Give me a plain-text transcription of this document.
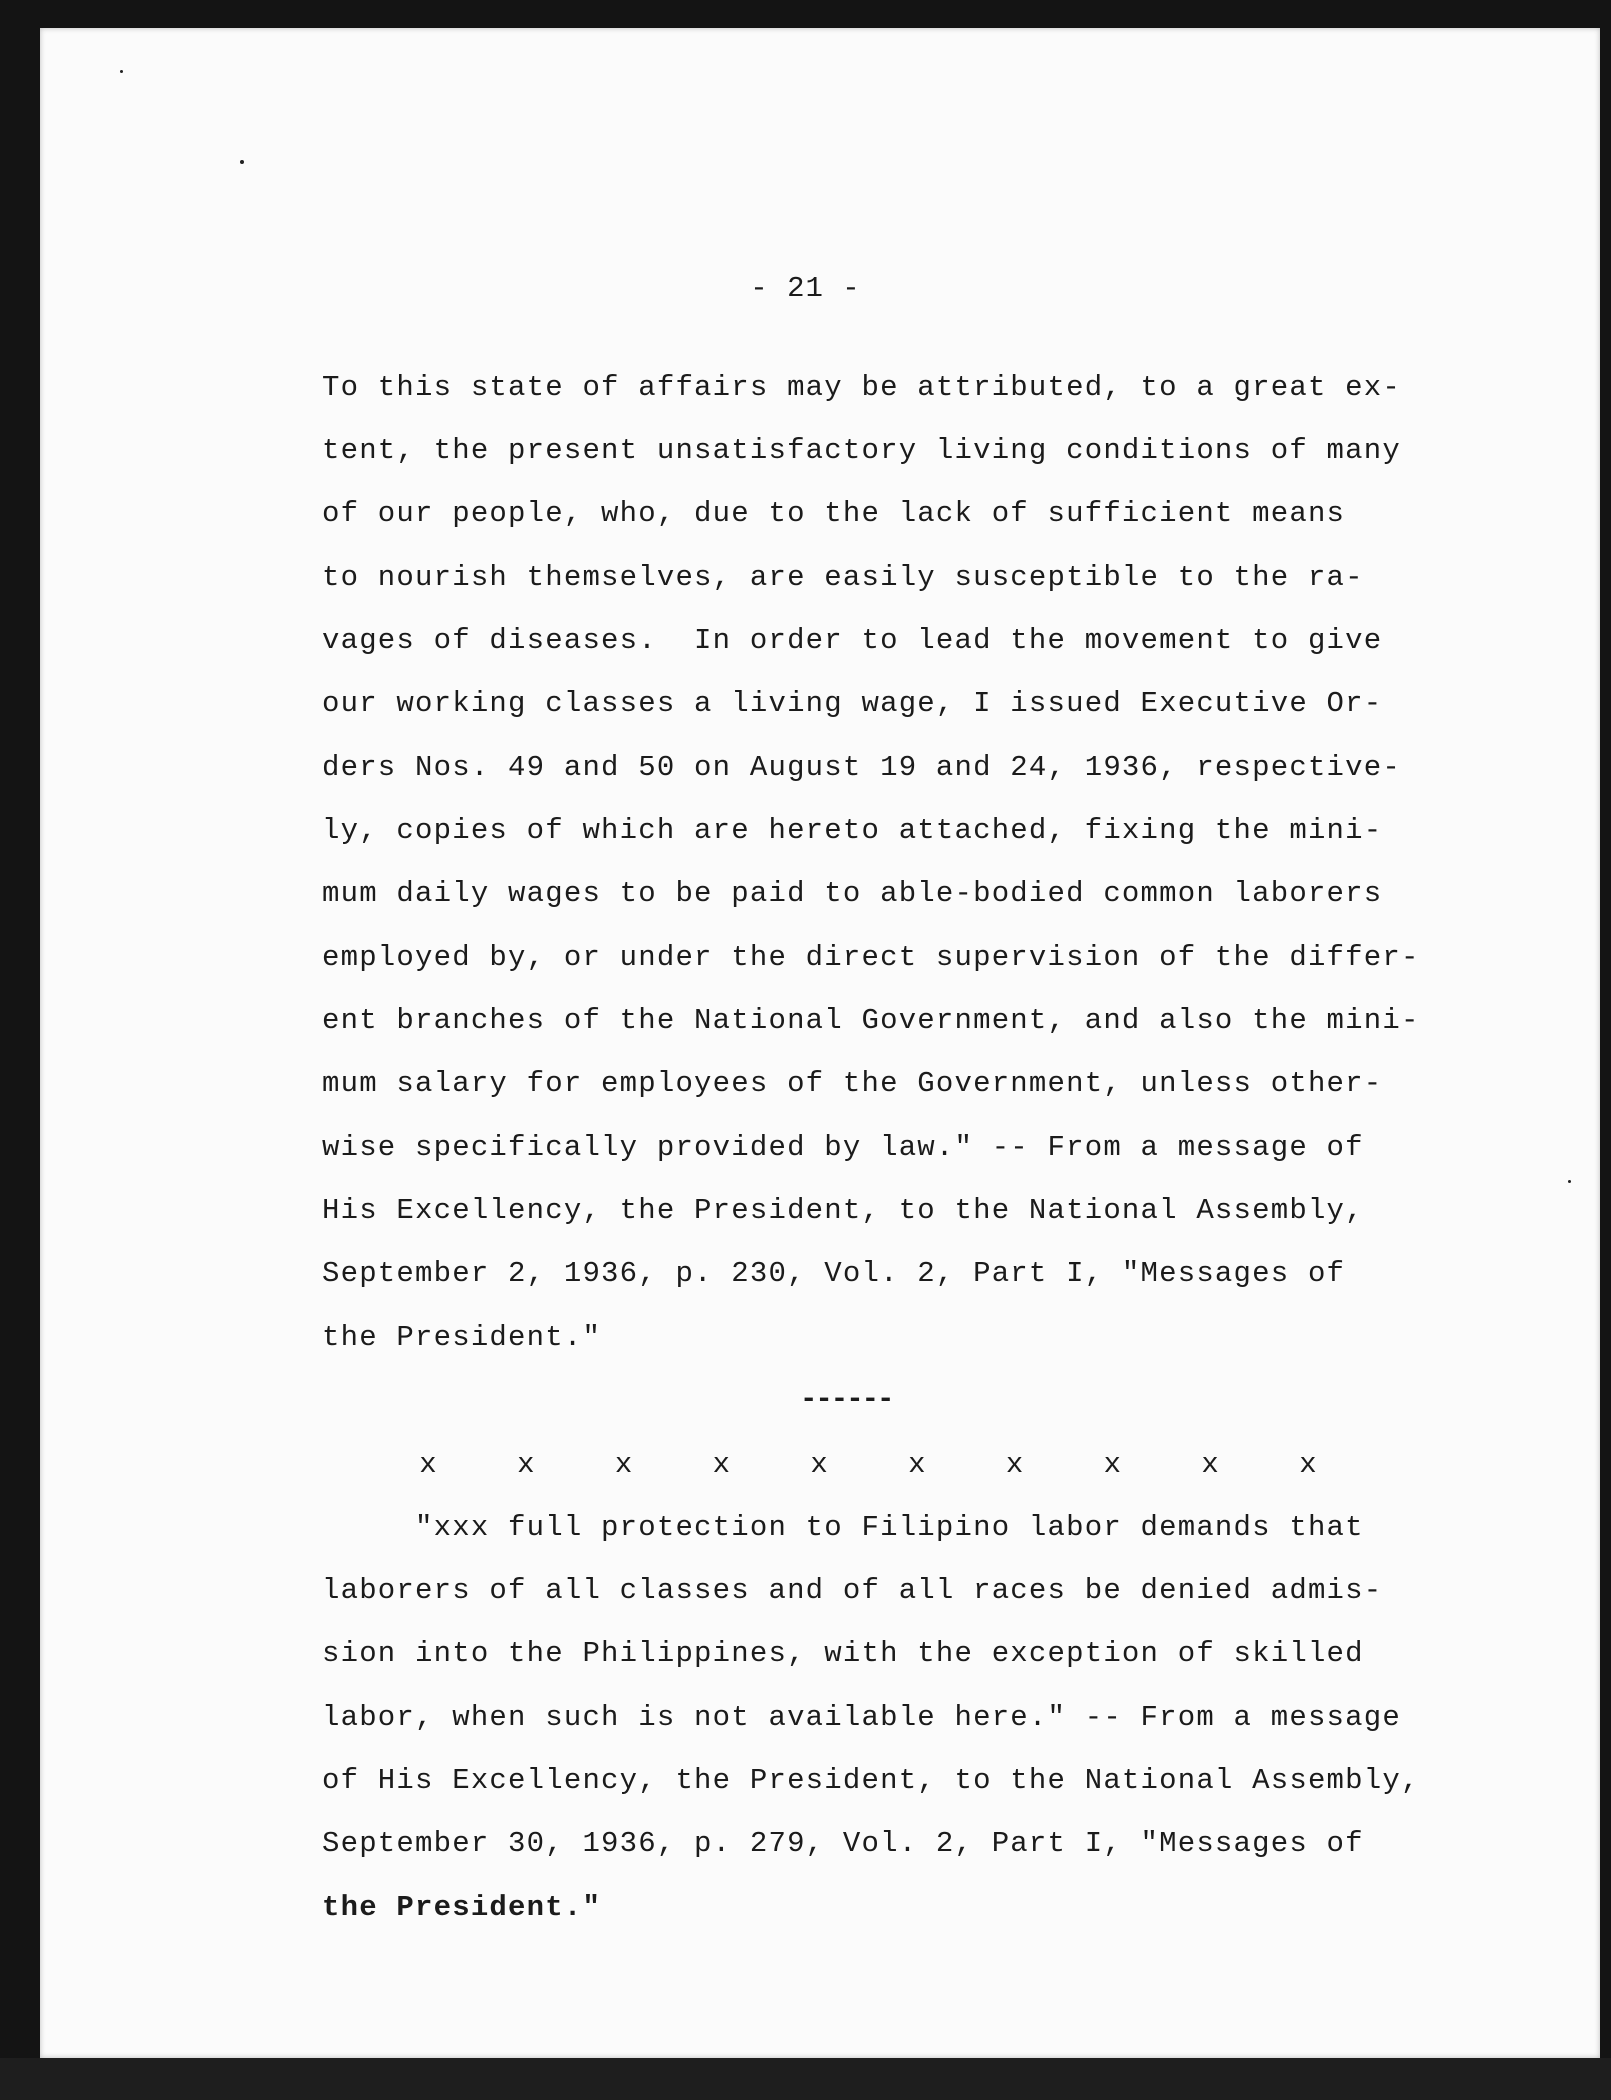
- 21 -

To this state of affairs may be attributed, to a great ex-

tent, the present unsatisfactory living conditions of many

of our people, who, due to the lack of sufficient means

to nourish themselves, are easily susceptible to the ra-

vages of diseases.  In order to lead the movement to give

our working classes a living wage, I issued Executive Or-

ders Nos. 49 and 50 on August 19 and 24, 1936, respective-

ly, copies of which are hereto attached, fixing the mini-

mum daily wages to be paid to able-bodied common laborers

employed by, or under the direct supervision of the differ-

ent branches of the National Government, and also the mini-

mum salary for employees of the Government, unless other-

wise specifically provided by law." -- From a message of

His Excellency, the President, to the National Assembly,

September 2, 1936, p. 230, Vol. 2, Part I, "Messages of

the President."

------
x	x	x	x	x	x	x	x	x	x

"xxx full protection to Filipino labor demands that

laborers of all classes and of all races be denied admis-

sion into the Philippines, with the exception of skilled

labor, when such is not available here." -- From a message

of His Excellency, the President, to the National Assembly,

September 30, 1936, p. 279, Vol. 2, Part I, "Messages of

the President."
